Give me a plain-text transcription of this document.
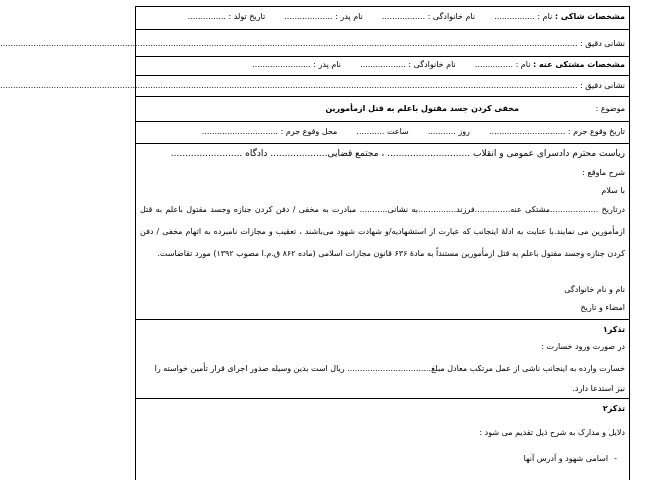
مشخصات شاکی : نام : ................  نام خانوادگی : .................  نام پدر : ...................  تاریخ تولد : ...............
نشانی دقیق : ...................................................................................................................................................................................................................................
مشخصات مشتکی عنه : نام : ...............  نام خانوادگی : ..................  نام پدر : .......................
نشانی دقیق : ...................................................................................................................................................................................................................................
موضوع :
مخفی کردن جسد مقتول باعلم به قتل ازمأمورین
تاریخ وقوع جرم : ..............................  روز ...........  ساعت ...........  محل وقوع جرم : ..............................
ریاست محترم دادسرای عمومی و انقلاب ............................. ، مجتمع قضایی.................... دادگاه .........................
شرح ماوقع :
با سلام
درتاریخ ...................مشتکی عنه..............فرزند...............به نشانی........... مبادرت به مخفی / دفن کردن جنازه وجسد مقتول باعلم به قتل ازمأمورین می نمایند.با عنایت به ادلهٔ اینجانب که عبارت از استشهادیه/و شهادت شهود می‌باشند ، تعقیب و مجازات نامبرده به اتهام مخفی / دفن کردن جنازه وجسد مقتول باعلم به قتل ازمأمورین مستنداً به مادهٔ ۶۳۶ قانون مجازات اسلامی (ماده ۸۶۲ ق.م.ا مصوب ۱۳۹۲) مورد تقاضاست.
نام و نام خانوادگی
امضاء و تاریخ
تذکر۱
در صورت ورود خسارت :
خسارت وارده به اینجانب ناشی از عمل مرتکب معادل مبلغ................................. ریال است بدین وسیله صدور اجرای قرار تأمین خواسته را
نیز استدعا دارد.
تذکر۲
دلایل و مدارک به شرح ذیل تقدیم می شود :
-اسامی شهود و آدرس آنها
